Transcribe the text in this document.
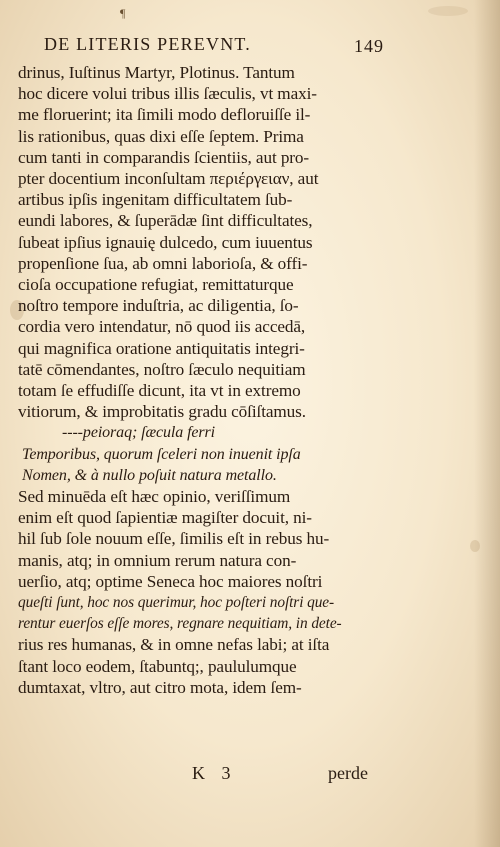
¶
DE LITERIS PEREVNT.	149
drinus, Iuſtinus Martyr, Plotinus. Tantum
hoc dicere volui tribus illis ſæculis, vt maxi-
me floruerint; ita ſimili modo defloruiſſe il-
lis rationibus, quas dixi eſſe ſeptem. Prima
cum tanti in comparandis ſcientiis, aut pro-
pter docentium inconſultam περιέργειαν, aut
artibus ipſis ingenitam difficultatem ſub-
eundi labores, & ſuperādæ ſint difficultates,
ſubeat ipſius ignauię dulcedo, cum iuuentus
propenſione ſua, ab omni laborioſa, & offi-
cioſa occupatione refugiat, remittaturque
noſtro tempore induſtria, ac diligentia, ſo-
cordia vero intendatur, nō quod iis accedā,
qui magnifica oratione antiquitatis integri-
tatē cōmendantes, noſtro ſæculo nequitiam
totam ſe effudiſſe dicunt, ita vt in extremo
vitiorum, & improbitatis gradu cōſiſtamus.
----peioraq; ſæcula ferri
Temporibus, quorum ſceleri non inuenit ipſa
Nomen, & à nullo poſuit natura metallo.
Sed minuēda eſt hæc opinio, veriſſimum
enim eſt quod ſapientiæ magiſter docuit, ni-
hil ſub ſole nouum eſſe, ſimilis eſt in rebus hu-
manis, atq; in omnium rerum natura con-
uerſio, atq; optime Seneca hoc maiores noſtri
queſti ſunt, hoc nos querimur, hoc poſteri noſtri que-
rentur euerſos eſſe mores, regnare nequitiam, in dete-
rius res humanas, & in omne nefas labi; at iſta
ſtant loco eodem, ſtabuntq;, paululumque
dumtaxat, vltro, aut citro mota, idem ſem-
K 3	perde
